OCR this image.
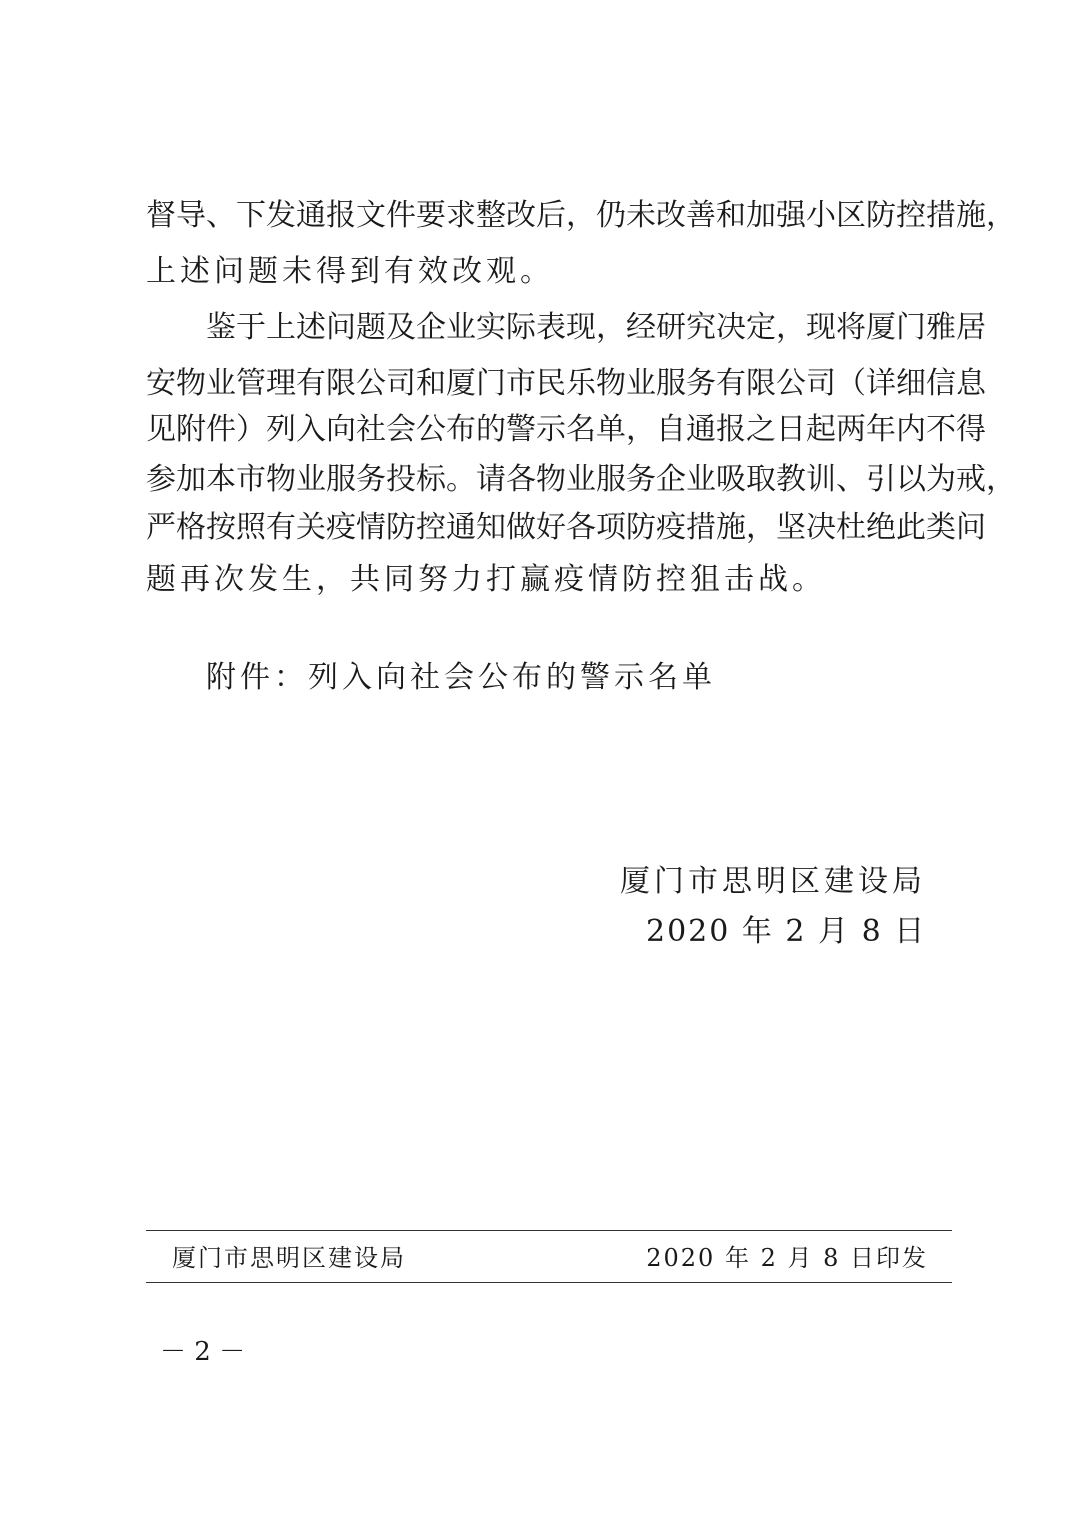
督导、下发通报文件要求整改后，仍未改善和加强小区防控措施，
上述问题未得到有效改观。
鉴于上述问题及企业实际表现，经研究决定，现将厦门雅居
安物业管理有限公司和厦门市民乐物业服务有限公司（详细信息
见附件）列入向社会公布的警示名单，自通报之日起两年内不得
参加本市物业服务投标。请各物业服务企业吸取教训、引以为戒，
严格按照有关疫情防控通知做好各项防疫措施，坚决杜绝此类问
题再次发生，共同努力打赢疫情防控狙击战。
附件：列入向社会公布的警示名单
厦门市思明区建设局
2020 年 2 月 8 日
厦门市思明区建设局	2020 年 2 月 8 日印发
－ 2 －
